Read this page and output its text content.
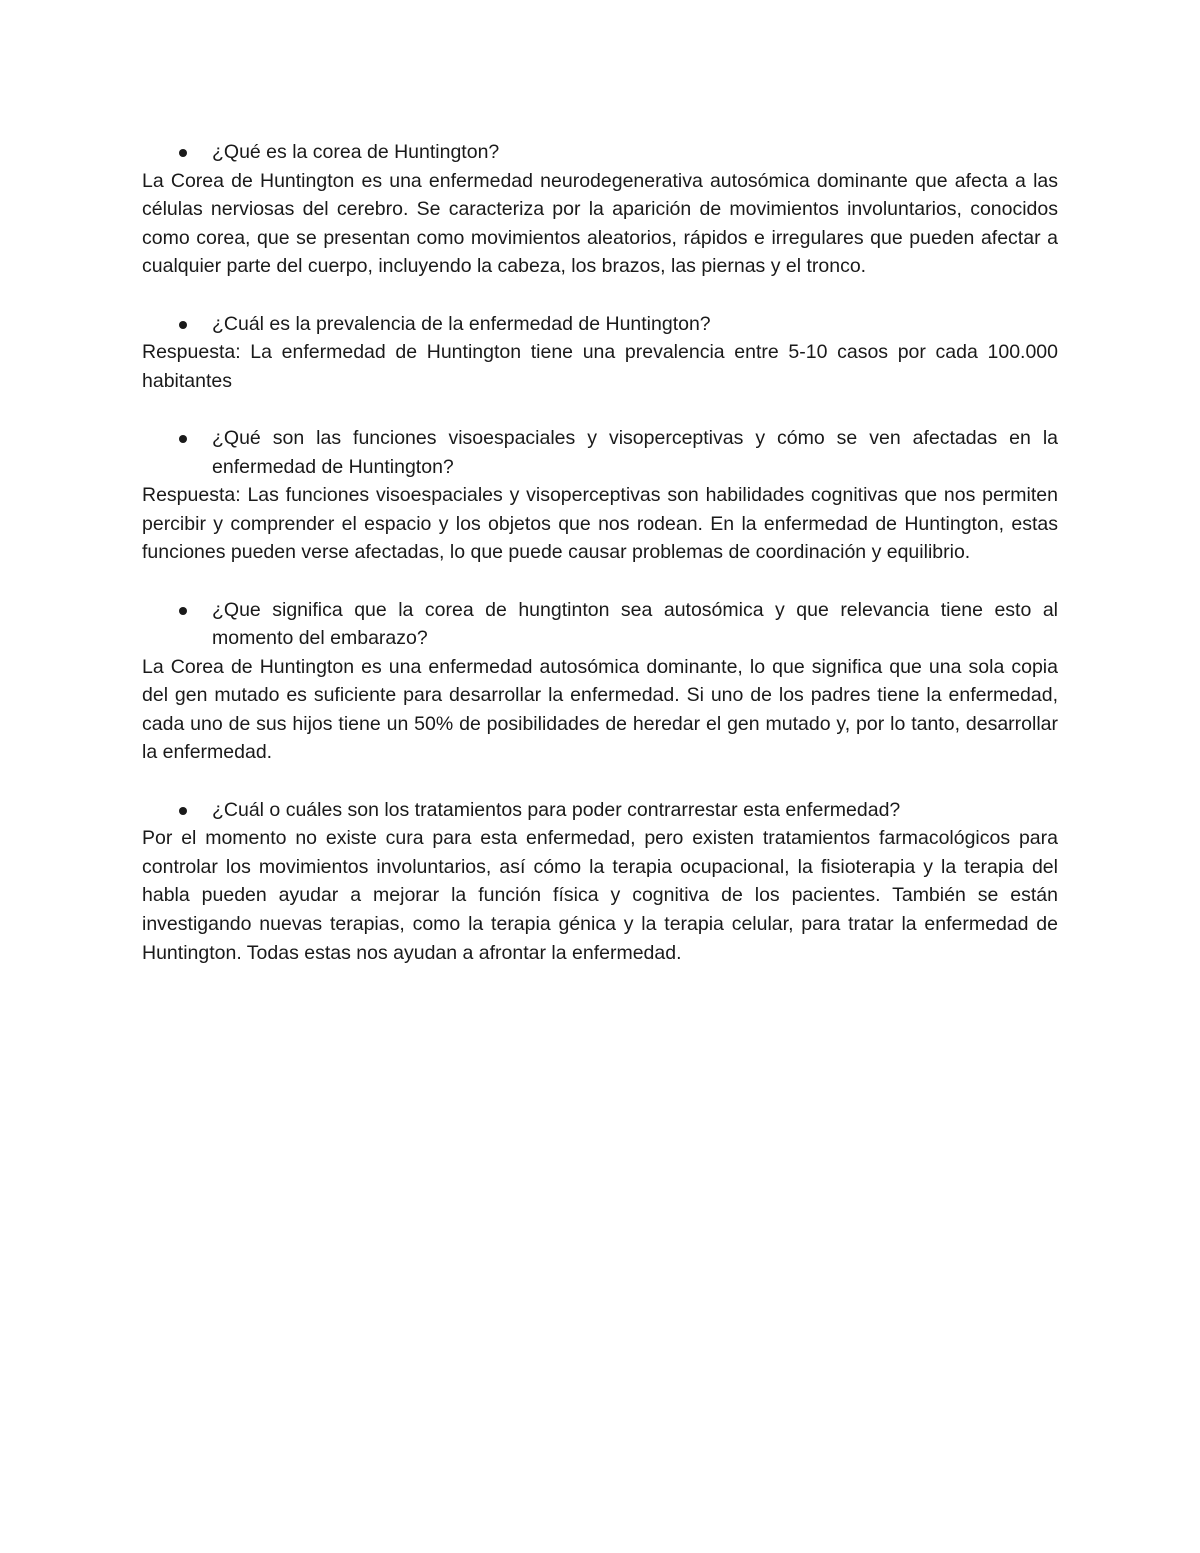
¿Qué es la corea de Huntington?
La Corea de Huntington es una enfermedad neurodegenerativa autosómica dominante que afecta a las células nerviosas del cerebro. Se caracteriza por la aparición de movimientos involuntarios, conocidos como corea, que se presentan como movimientos aleatorios, rápidos e irregulares que pueden afectar a cualquier parte del cuerpo, incluyendo la cabeza, los brazos, las piernas y el tronco.
¿Cuál es la prevalencia de la enfermedad de Huntington?
Respuesta: La enfermedad de Huntington tiene una prevalencia entre 5-10 casos por cada 100.000 habitantes
¿Qué son las funciones visoespaciales y visoperceptivas y cómo se ven afectadas en la enfermedad de Huntington?
Respuesta: Las funciones visoespaciales y visoperceptivas son habilidades cognitivas que nos permiten percibir y comprender el espacio y los objetos que nos rodean. En la enfermedad de Huntington, estas funciones pueden verse afectadas, lo que puede causar problemas de coordinación y equilibrio.
¿Que significa que la corea de hungtinton sea autosómica y que relevancia tiene esto al momento del embarazo?
La Corea de Huntington es una enfermedad autosómica dominante, lo que significa que una sola copia del gen mutado es suficiente para desarrollar la enfermedad. Si uno de los padres tiene la enfermedad, cada uno de sus hijos tiene un 50% de posibilidades de heredar el gen mutado y, por lo tanto, desarrollar la enfermedad.
¿Cuál o cuáles son los tratamientos para poder contrarrestar esta enfermedad?
Por el momento no existe cura para esta enfermedad, pero existen tratamientos farmacológicos para controlar los movimientos involuntarios, así cómo la terapia ocupacional, la fisioterapia y la terapia del habla pueden ayudar a mejorar la función física y cognitiva de los pacientes. También se están investigando nuevas terapias, como la terapia génica y la terapia celular, para tratar la enfermedad de Huntington. Todas estas nos ayudan a afrontar la enfermedad.
